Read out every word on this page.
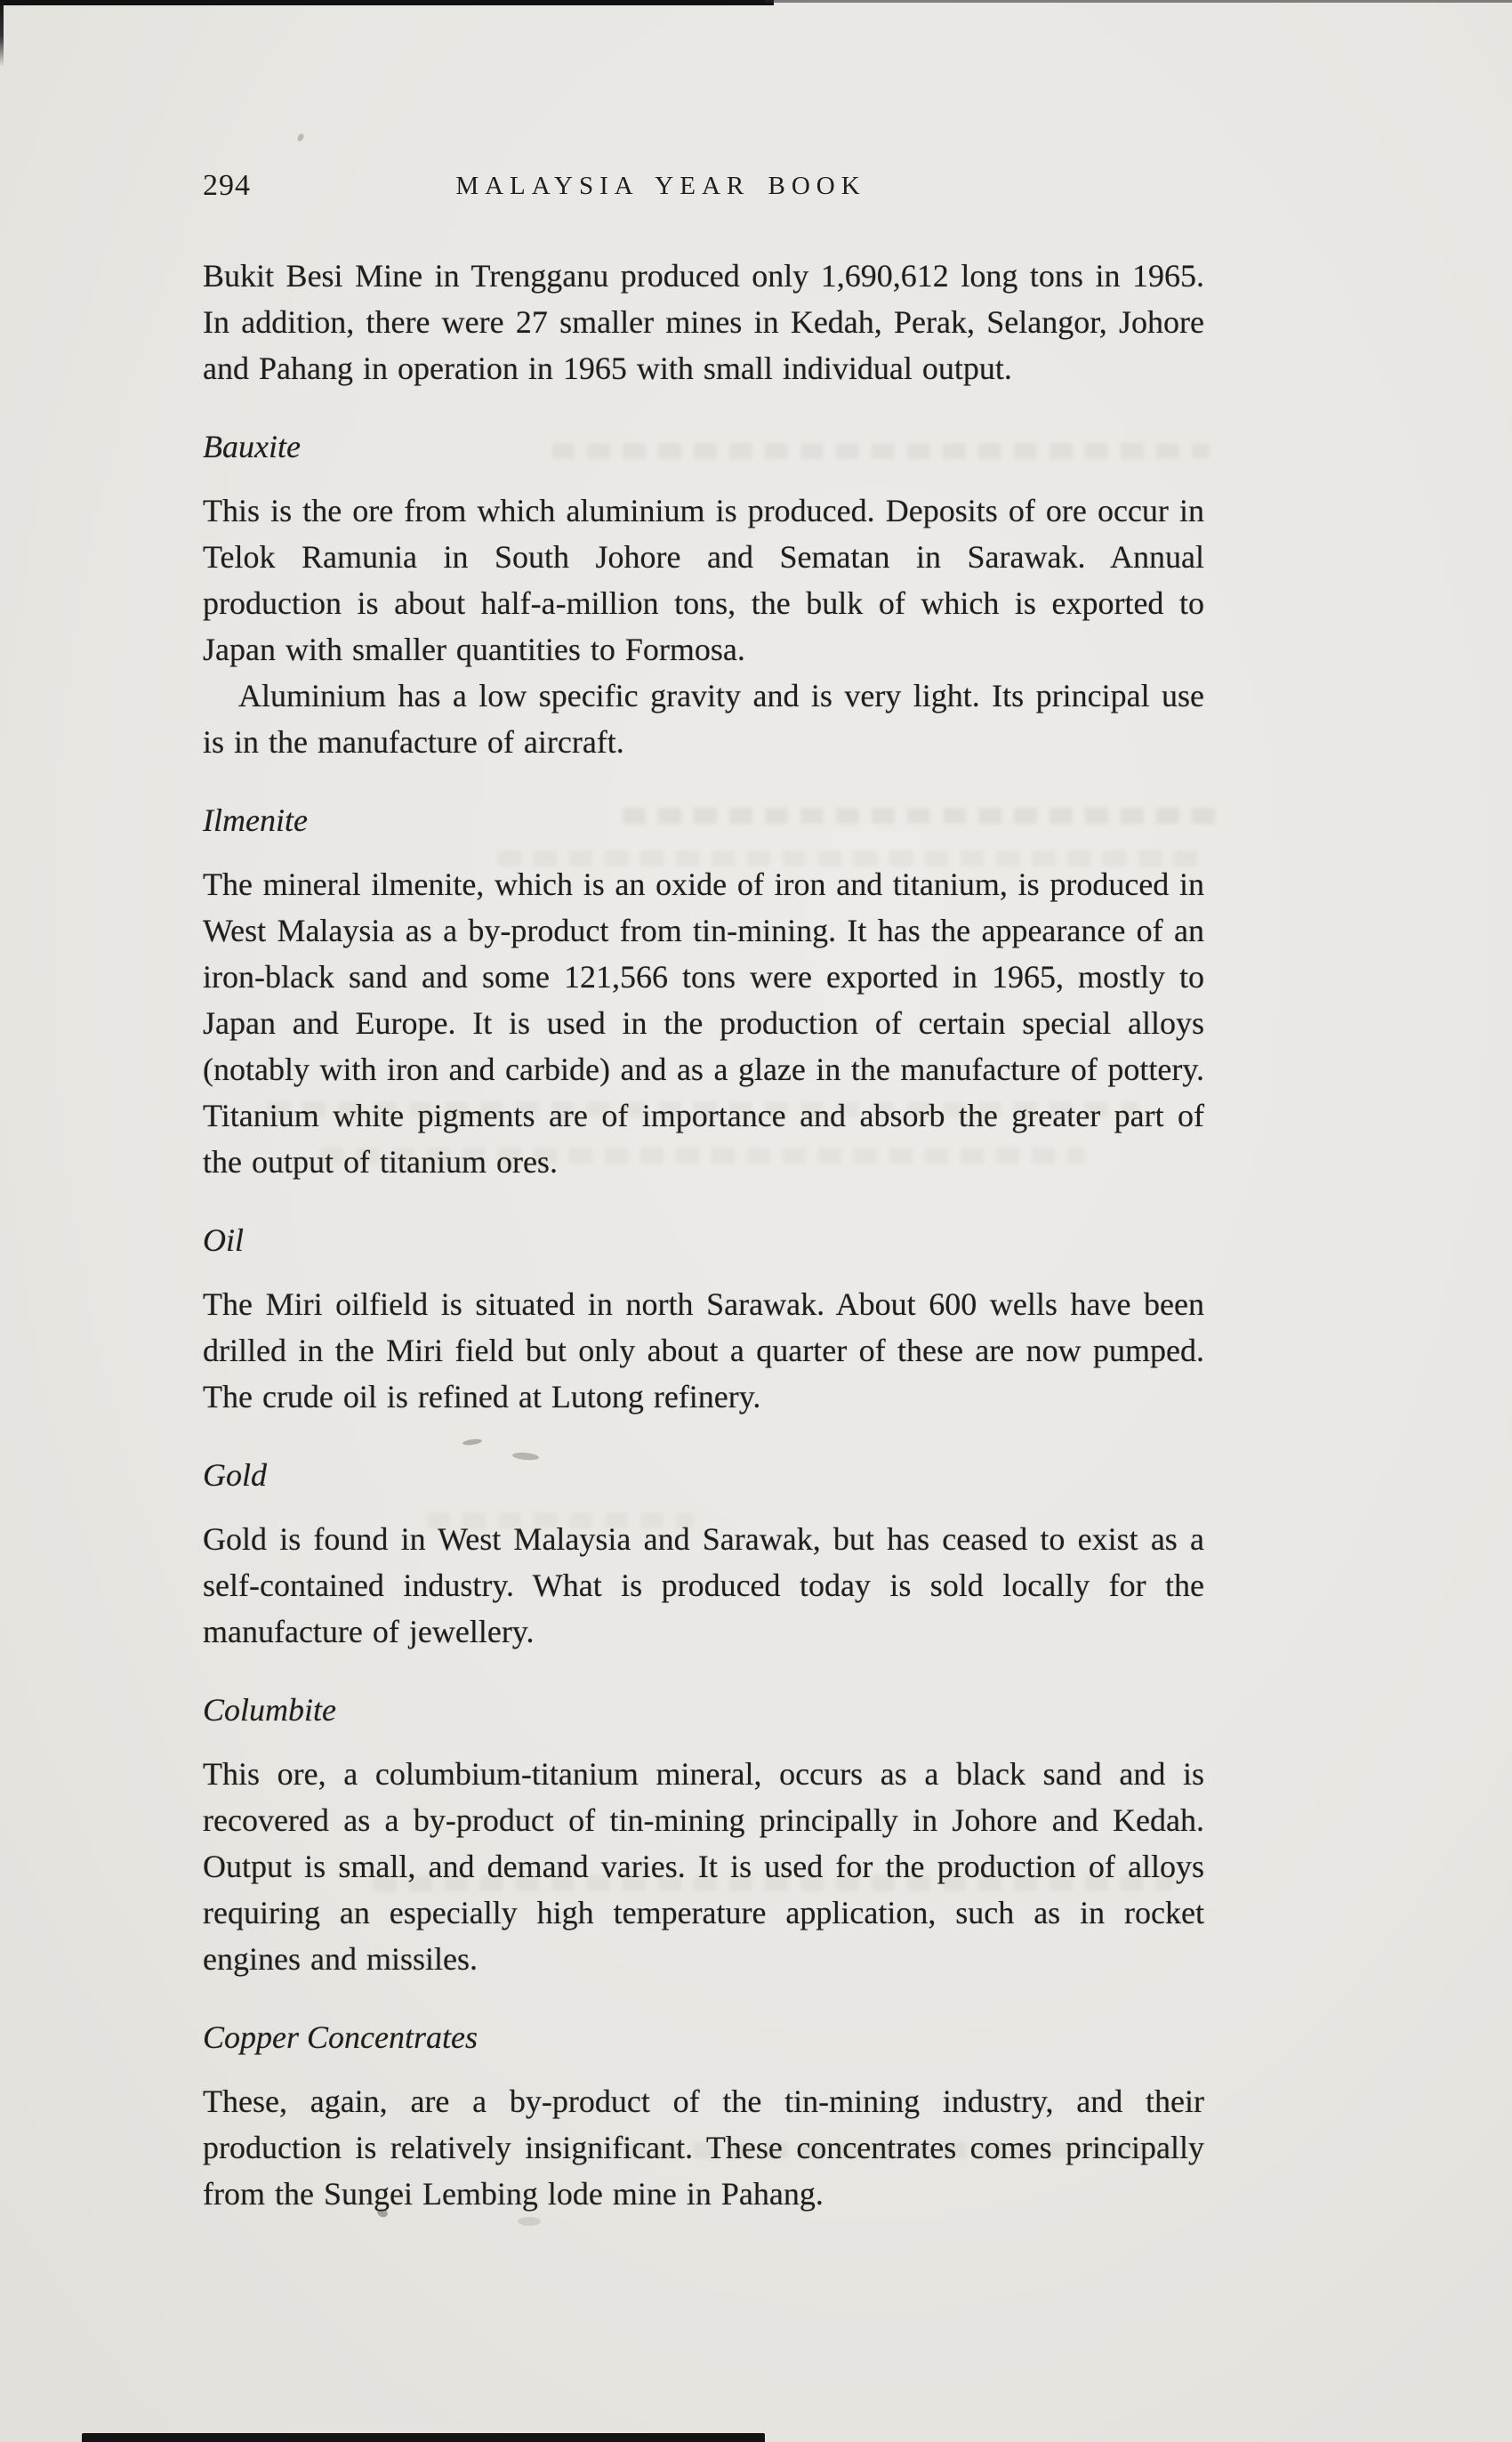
294	MALAYSIA YEAR BOOK

Bukit Besi Mine in Trengganu produced only 1,690,612 long tons in 1965. In addition, there were 27 smaller mines in Kedah, Perak, Selangor, Johore and Pahang in operation in 1965 with small individual output.

Bauxite

This is the ore from which aluminium is produced. Deposits of ore occur in Telok Ramunia in South Johore and Sematan in Sarawak. Annual production is about half-a-million tons, the bulk of which is exported to Japan with smaller quantities to Formosa.

Aluminium has a low specific gravity and is very light. Its principal use is in the manufacture of aircraft.

Ilmenite

The mineral ilmenite, which is an oxide of iron and titanium, is produced in West Malaysia as a by-product from tin-mining. It has the appearance of an iron-black sand and some 121,566 tons were exported in 1965, mostly to Japan and Europe. It is used in the production of certain special alloys (notably with iron and carbide) and as a glaze in the manufacture of pottery. Titanium white pigments are of importance and absorb the greater part of the output of titanium ores.

Oil

The Miri oilfield is situated in north Sarawak. About 600 wells have been drilled in the Miri field but only about a quarter of these are now pumped. The crude oil is refined at Lutong refinery.

Gold

Gold is found in West Malaysia and Sarawak, but has ceased to exist as a self-contained industry. What is produced today is sold locally for the manufacture of jewellery.

Columbite

This ore, a columbium-titanium mineral, occurs as a black sand and is recovered as a by-product of tin-mining principally in Johore and Kedah. Output is small, and demand varies. It is used for the production of alloys requiring an especially high temperature application, such as in rocket engines and missiles.

Copper Concentrates

These, again, are a by-product of the tin-mining industry, and their production is relatively insignificant. These concentrates comes principally from the Sungei Lembing lode mine in Pahang.
